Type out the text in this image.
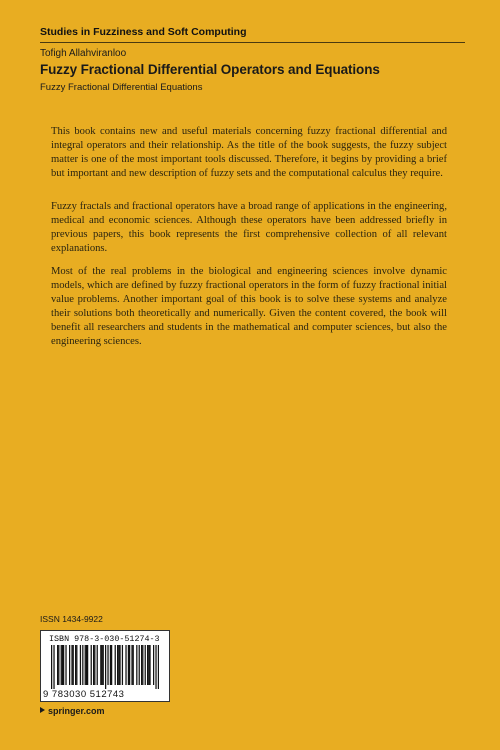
Studies in Fuzziness and Soft Computing
Tofigh Allahviranloo
Fuzzy Fractional Differential Operators and Equations
Fuzzy Fractional Differential Equations
This book contains new and useful materials concerning fuzzy fractional differential and integral operators and their relationship. As the title of the book suggests, the fuzzy subject matter is one of the most important tools discussed. Therefore, it begins by providing a brief but important and new description of fuzzy sets and the computational calculus they require.
Fuzzy fractals and fractional operators have a broad range of applications in the engineering, medical and economic sciences. Although these operators have been addressed briefly in previous papers, this book represents the first comprehensive collection of all relevant explanations.
Most of the real problems in the biological and engineering sciences involve dynamic models, which are defined by fuzzy fractional operators in the form of fuzzy fractional initial value problems. Another important goal of this book is to solve these systems and analyze their solutions both theoretically and numerically. Given the content covered, the book will benefit all researchers and students in the mathematical and computer sciences, but also the engineering sciences.
ISSN 1434-9922
ISBN 978-3-030-51274-3
9 783030 512743
springer.com
